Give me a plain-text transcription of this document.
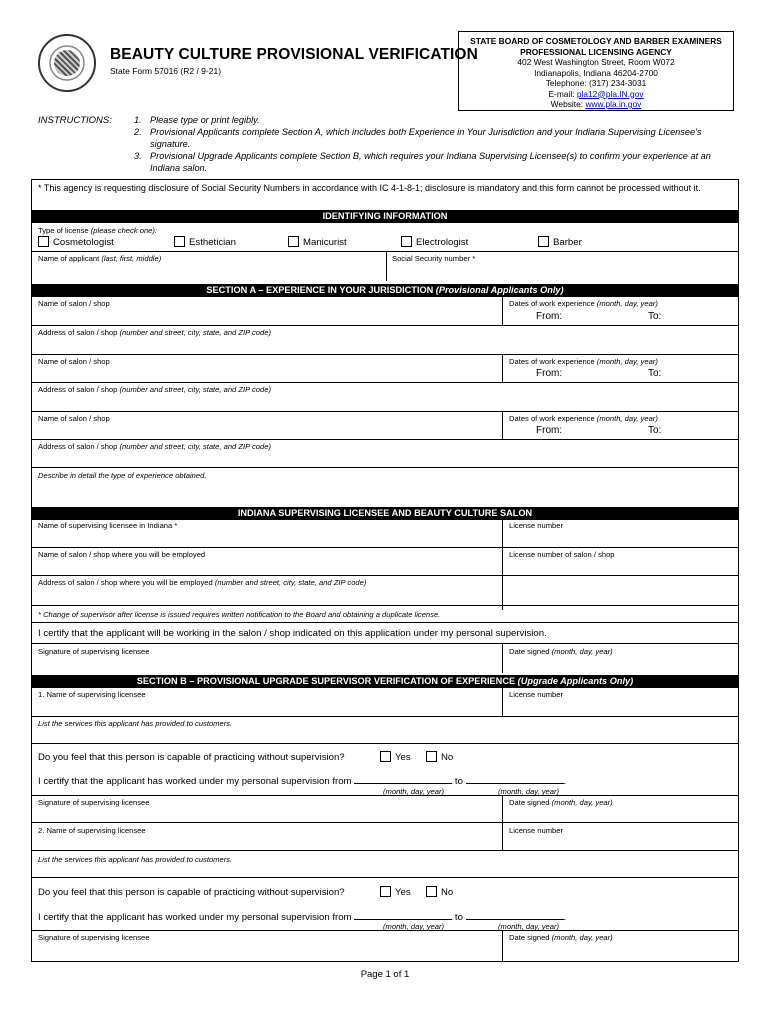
BEAUTY CULTURE PROVISIONAL VERIFICATION
State Form 57016 (R2 / 9-21)
STATE BOARD OF COSMETOLOGY AND BARBER EXAMINERS
PROFESSIONAL LICENSING AGENCY
402 West Washington Street, Room W072
Indianapolis, Indiana 46204-2700
Telephone: (317) 234-3031
E-mail: pla12@pla.IN.gov
Website: www.pla.in.gov
INSTRUCTIONS: 1. Please type or print legibly.
2. Provisional Applicants complete Section A, which includes both Experience in Your Jurisdiction and your Indiana Supervising Licensee's signature.
3. Provisional Upgrade Applicants complete Section B, which requires your Indiana Supervising Licensee(s) to confirm your experience at an Indiana salon.
* This agency is requesting disclosure of Social Security Numbers in accordance with IC 4-1-8-1; disclosure is mandatory and this form cannot be processed without it.
IDENTIFYING INFORMATION
Type of license (please check one):
Cosmetologist	Esthetician	Manicurist	Electrologist	Barber
Name of applicant (last, first, middle)	Social Security number *
SECTION A – EXPERIENCE IN YOUR JURISDICTION (Provisional Applicants Only)
Name of salon / shop	Dates of work experience (month, day, year)
From:	To:
Address of salon / shop (number and street, city, state, and ZIP code)
Name of salon / shop	Dates of work experience (month, day, year)
From:	To:
Address of salon / shop (number and street, city, state, and ZIP code)
Name of salon / shop	Dates of work experience (month, day, year)
From:	To:
Address of salon / shop (number and street, city, state, and ZIP code)
Describe in detail the type of experience obtained.
INDIANA SUPERVISING LICENSEE AND BEAUTY CULTURE SALON
Name of supervising licensee in Indiana *	License number
Name of salon / shop where you will be employed	License number of salon / shop
Address of salon / shop where you will be employed (number and street, city, state, and ZIP code)
* Change of supervisor after license is issued requires written notification to the Board and obtaining a duplicate license.
I certify that the applicant will be working in the salon / shop indicated on this application under my personal supervision.
Signature of supervising licensee	Date signed (month, day, year)
SECTION B – PROVISIONAL UPGRADE SUPERVISOR VERIFICATION OF EXPERIENCE (Upgrade Applicants Only)
1. Name of supervising licensee	License number
List the services this applicant has provided to customers.
Do you feel that this person is capable of practicing without supervision?	Yes	No
I certify that the applicant has worked under my personal supervision from	to	.
(month, day, year)	(month, day, year)
Signature of supervising licensee	Date signed (month, day, year)
2. Name of supervising licensee	License number
List the services this applicant has provided to customers.
Do you feel that this person is capable of practicing without supervision?	Yes	No
I certify that the applicant has worked under my personal supervision from	to	.
(month, day, year)	(month, day, year)
Signature of supervising licensee	Date signed (month, day, year)
Page 1 of 1
